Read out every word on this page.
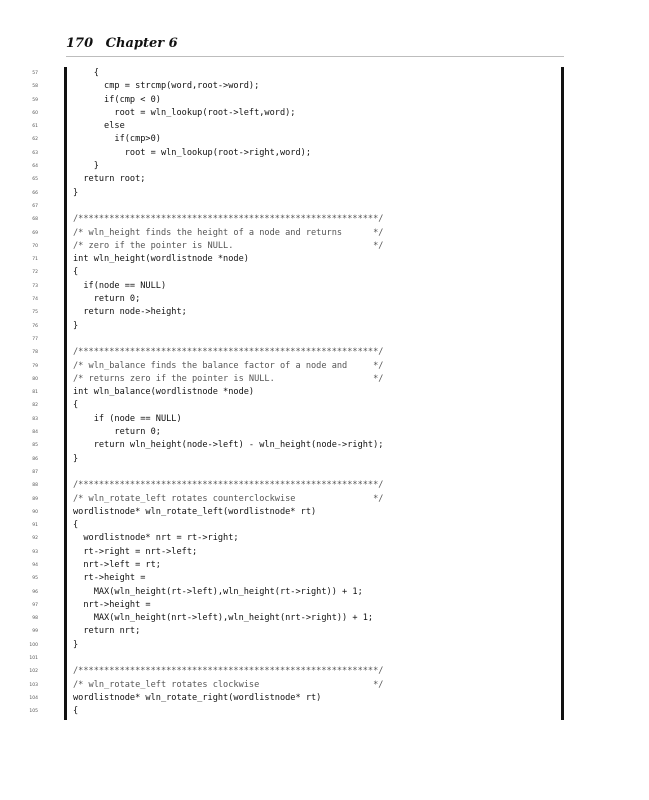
170 Chapter 6
57	{
58	cmp = strcmp(word,root->word);
59	if(cmp < 0)
60	root = wln_lookup(root->left,word);
61	else
62	if(cmp>0)
63	root = wln_lookup(root->right,word);
64	}
65	return root;
66	}
67
68	/**********************************************************/
69	/* wln_height finds the height of a node and returns      */
70	/* zero if the pointer is NULL.                           */
71	int wln_height(wordlistnode *node)
72	{
73	if(node == NULL)
74	return 0;
75	return node->height;
76	}
77
78	/**********************************************************/
79	/* wln_balance finds the balance factor of a node and     */
80	/* returns zero if the pointer is NULL.                   */
81	int wln_balance(wordlistnode *node)
82	{
83	if (node == NULL)
84	return 0;
85	return wln_height(node->left) - wln_height(node->right);
86	}
87
88	/**********************************************************/
89	/* wln_rotate_left rotates counterclockwise               */
90	wordlistnode* wln_rotate_left(wordlistnode* rt)
91	{
92	wordlistnode* nrt = rt->right;
93	rt->right = nrt->left;
94	nrt->left = rt;
95	rt->height =
96	MAX(wln_height(rt->left),wln_height(rt->right)) + 1;
97	nrt->height =
98	MAX(wln_height(nrt->left),wln_height(nrt->right)) + 1;
99	return nrt;
100	}
101
102	/**********************************************************/
103	/* wln_rotate_left rotates clockwise                      */
104	wordlistnode* wln_rotate_right(wordlistnode* rt)
105	{
